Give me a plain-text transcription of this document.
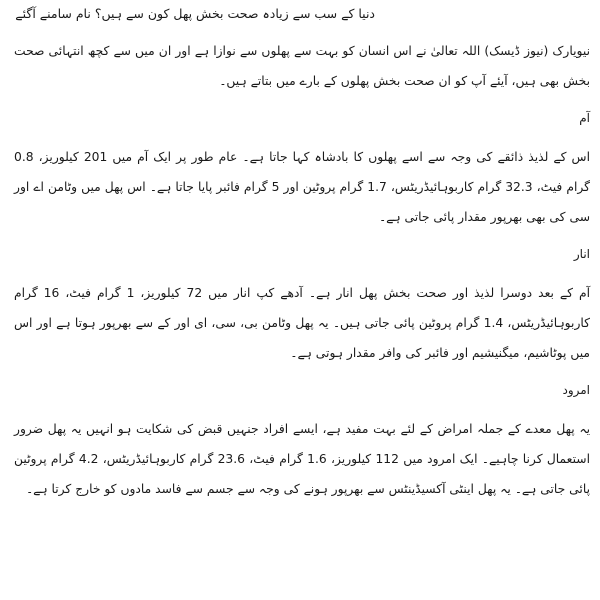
دنیا کے سب سے زیادہ صحت بخش پھل کون سے ہیں؟ نام سامنے آگئے

نیویارک (نیوز ڈیسک) اللہ تعالیٰ نے اس انسان کو بہت سے پھلوں سے نوازا ہے اور ان میں سے کچھ انتہائی صحت بخش بھی ہیں، آیئے آپ کو ان صحت بخش پھلوں کے بارے میں بتاتے ہیں۔

آم

اس کے لذیذ ذائقے کی وجہ سے اسے پھلوں کا بادشاہ کہا جاتا ہے۔ عام طور پر ایک آم میں 201 کیلوریز، 0.8 گرام فیٹ، 32.3 گرام کاربوہائیڈریٹس، 1.7 گرام پروٹین اور 5 گرام فائبر پایا جاتا ہے۔ اس پھل میں وٹامن اے اور سی کی بھی بھرپور مقدار پائی جاتی ہے۔

انار

آم کے بعد دوسرا لذیذ اور صحت بخش پھل انار ہے۔ آدھے کپ انار میں 72 کیلوریز، 1 گرام فیٹ، 16 گرام کاربوہائیڈریٹس، 1.4 گرام پروٹین پائی جاتی ہیں۔ یہ پھل وٹامن بی، سی، ای اور کے سے بھرپور ہوتا ہے اور اس میں پوٹاشیم، میگنیشیم اور فائبر کی وافر مقدار ہوتی ہے۔

امرود

یہ پھل معدے کے جملہ امراض کے لئے بہت مفید ہے، ایسے افراد جنہیں قبض کی شکایت ہو انہیں یہ پھل ضرور استعمال کرنا چاہیے۔ ایک امرود میں 112 کیلوریز، 1.6 گرام فیٹ، 23.6 گرام کاربوہائیڈریٹس، 4.2 گرام پروٹین پائی جاتی ہے۔ یہ پھل اینٹی آکسیڈینٹس سے بھرپور ہونے کی وجہ سے جسم سے فاسد مادوں کو خارج کرتا ہے۔
